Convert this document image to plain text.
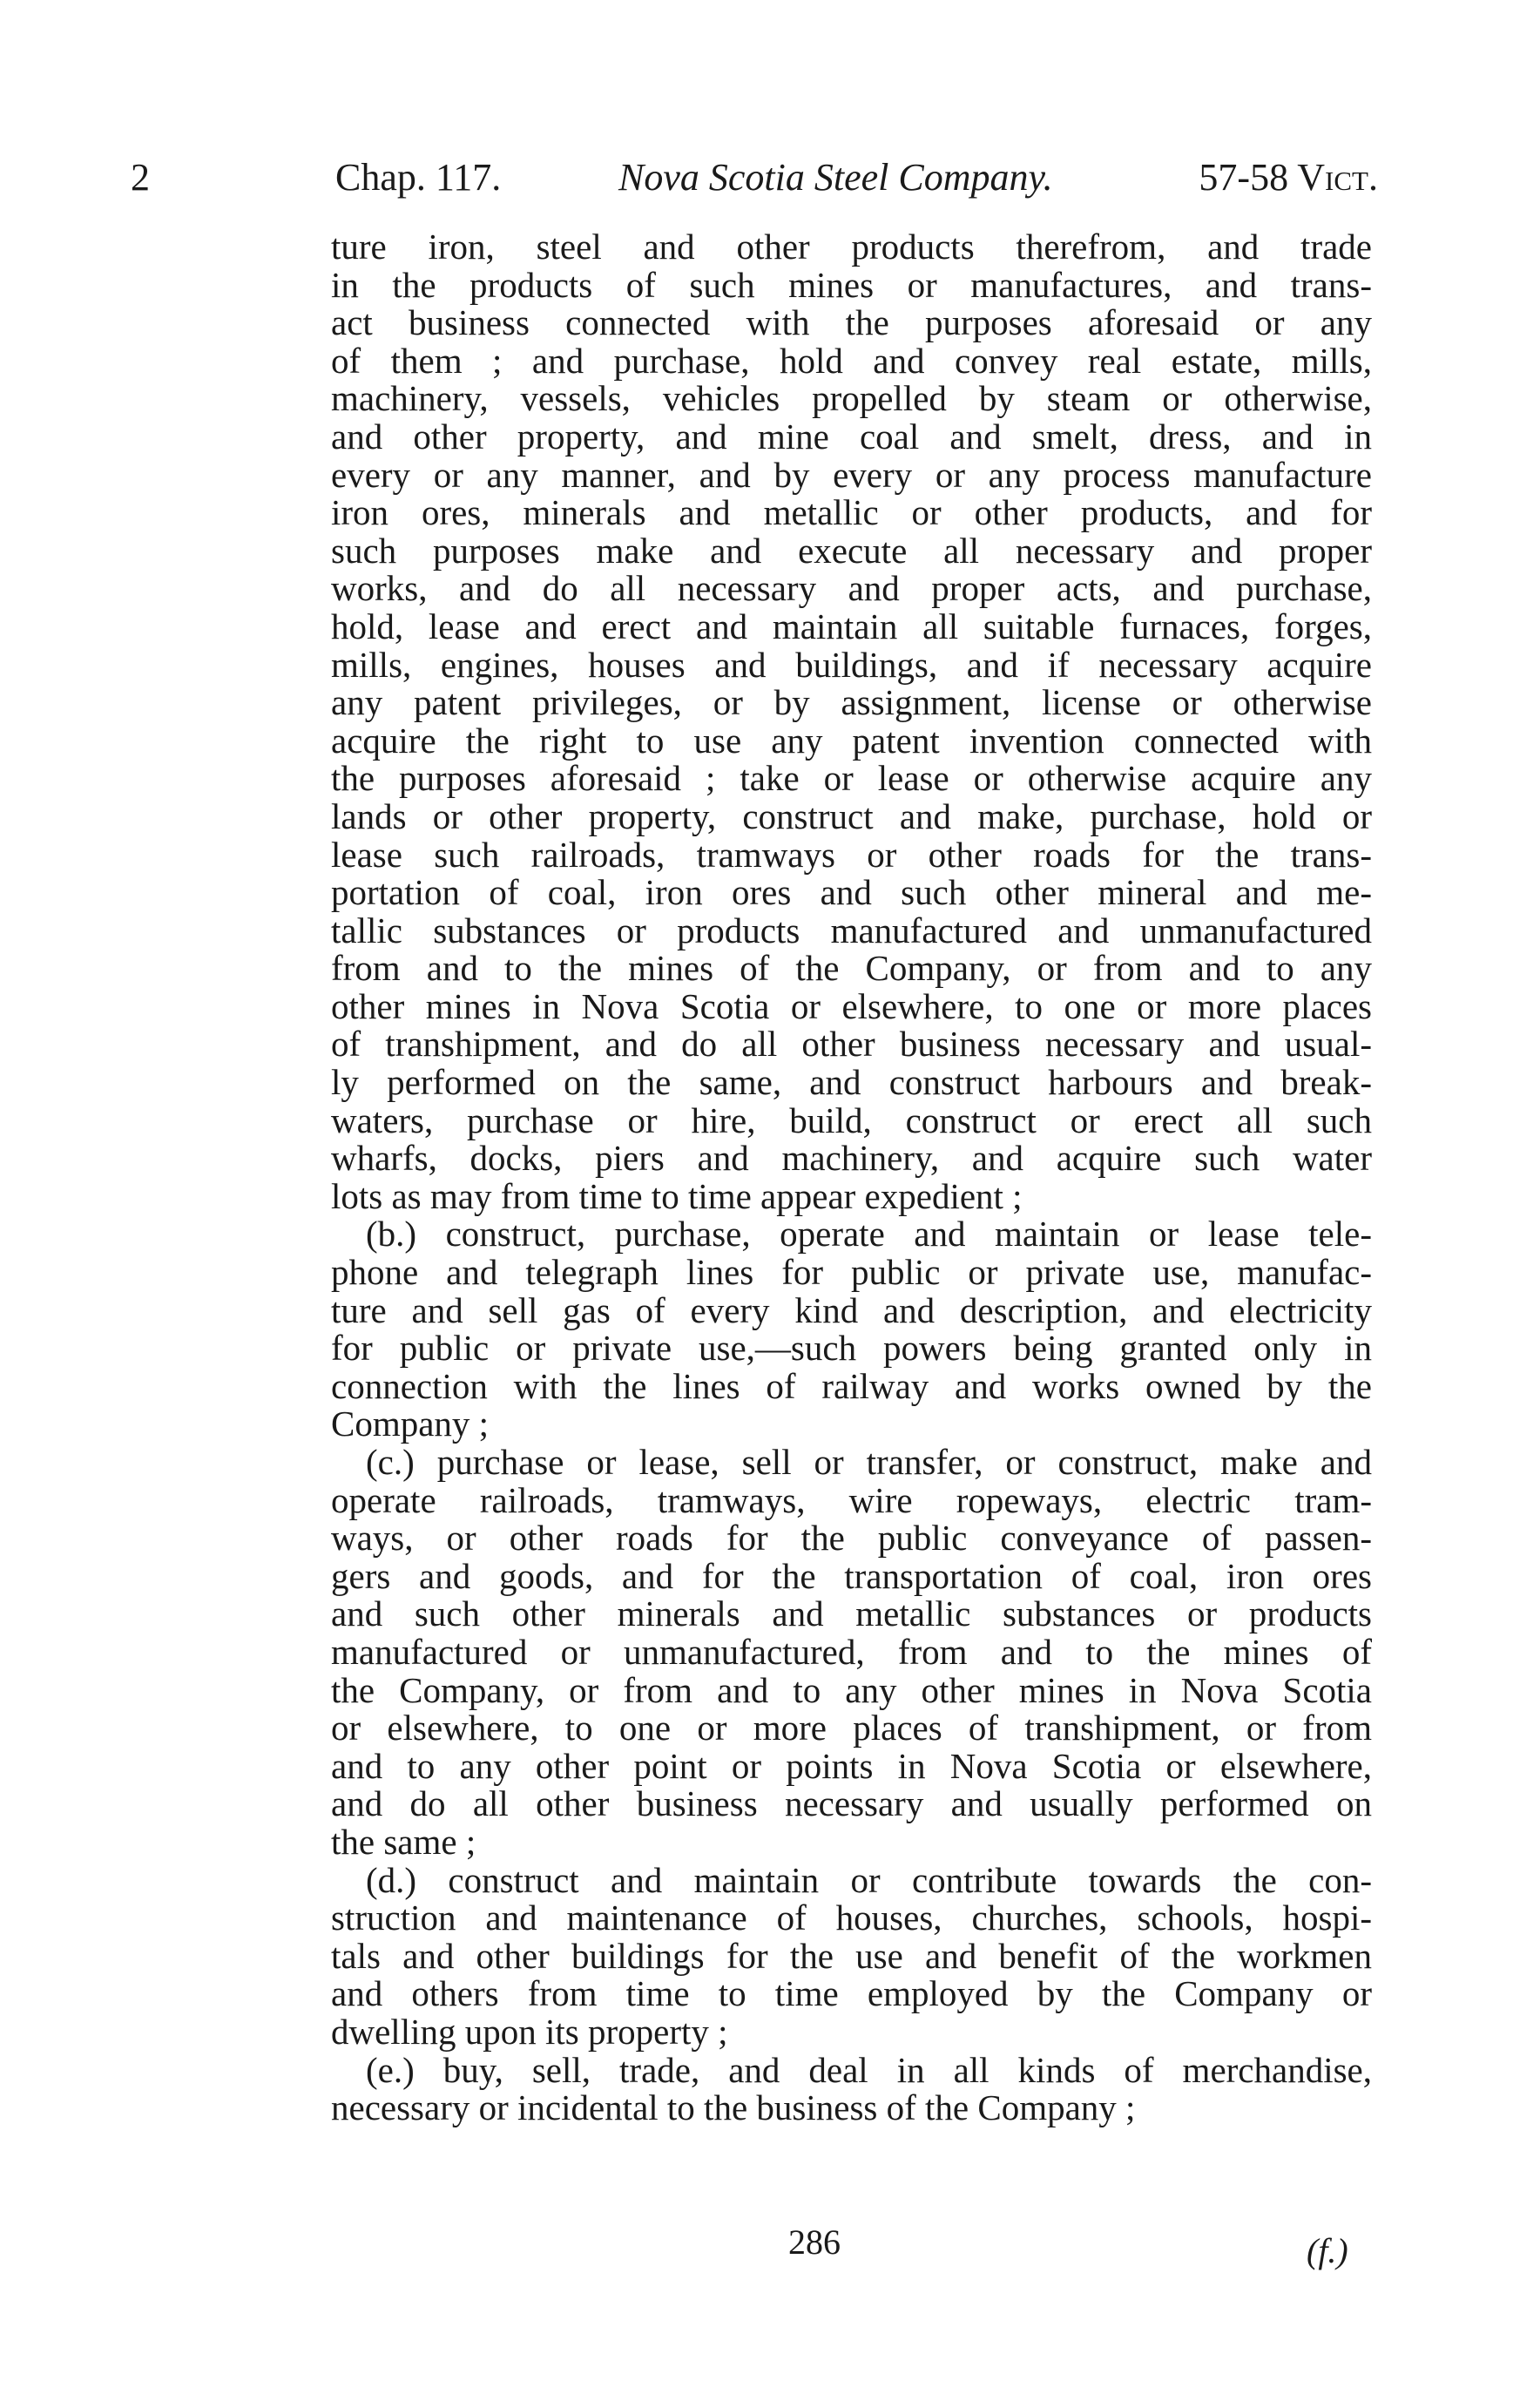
2	Chap. 117.	Nova Scotia Steel Company.	57-58 Vict.
ture iron, steel and other products therefrom, and trade
in the products of such mines or manufactures, and trans-
act business connected with the purposes aforesaid or any
of them ; and purchase, hold and convey real estate, mills,
machinery, vessels, vehicles propelled by steam or otherwise,
and other property, and mine coal and smelt, dress, and in
every or any manner, and by every or any process manufacture
iron ores, minerals and metallic or other products, and for
such purposes make and execute all necessary and proper
works, and do all necessary and proper acts, and purchase,
hold, lease and erect and maintain all suitable furnaces, forges,
mills, engines, houses and buildings, and if necessary acquire
any patent privileges, or by assignment, license or otherwise
acquire the right to use any patent invention connected with
the purposes aforesaid ; take or lease or otherwise acquire any
lands or other property, construct and make, purchase, hold or
lease such railroads, tramways or other roads for the trans-
portation of coal, iron ores and such other mineral and me-
tallic substances or products manufactured and unmanufactured
from and to the mines of the Company, or from and to any
other mines in Nova Scotia or elsewhere, to one or more places
of transhipment, and do all other business necessary and usual-
ly performed on the same, and construct harbours and break-
waters, purchase or hire, build, construct or erect all such
wharfs, docks, piers and machinery, and acquire such water
lots as may from time to time appear expedient ;
(b.) construct, purchase, operate and maintain or lease tele-
phone and telegraph lines for public or private use, manufac-
ture and sell gas of every kind and description, and electricity
for public or private use,—such powers being granted only in
connection with the lines of railway and works owned by the
Company ;
(c.) purchase or lease, sell or transfer, or construct, make and
operate railroads, tramways, wire ropeways, electric tram-
ways, or other roads for the public conveyance of passen-
gers and goods, and for the transportation of coal, iron ores
and such other minerals and metallic substances or products
manufactured or unmanufactured, from and to the mines of
the Company, or from and to any other mines in Nova Scotia
or elsewhere, to one or more places of transhipment, or from
and to any other point or points in Nova Scotia or elsewhere,
and do all other business necessary and usually performed on
the same ;
(d.) construct and maintain or contribute towards the con-
struction and maintenance of houses, churches, schools, hospi-
tals and other buildings for the use and benefit of the workmen
and others from time to time employed by the Company or
dwelling upon its property ;
(e.) buy, sell, trade, and deal in all kinds of merchandise,
necessary or incidental to the business of the Company ;
286	(f.)
